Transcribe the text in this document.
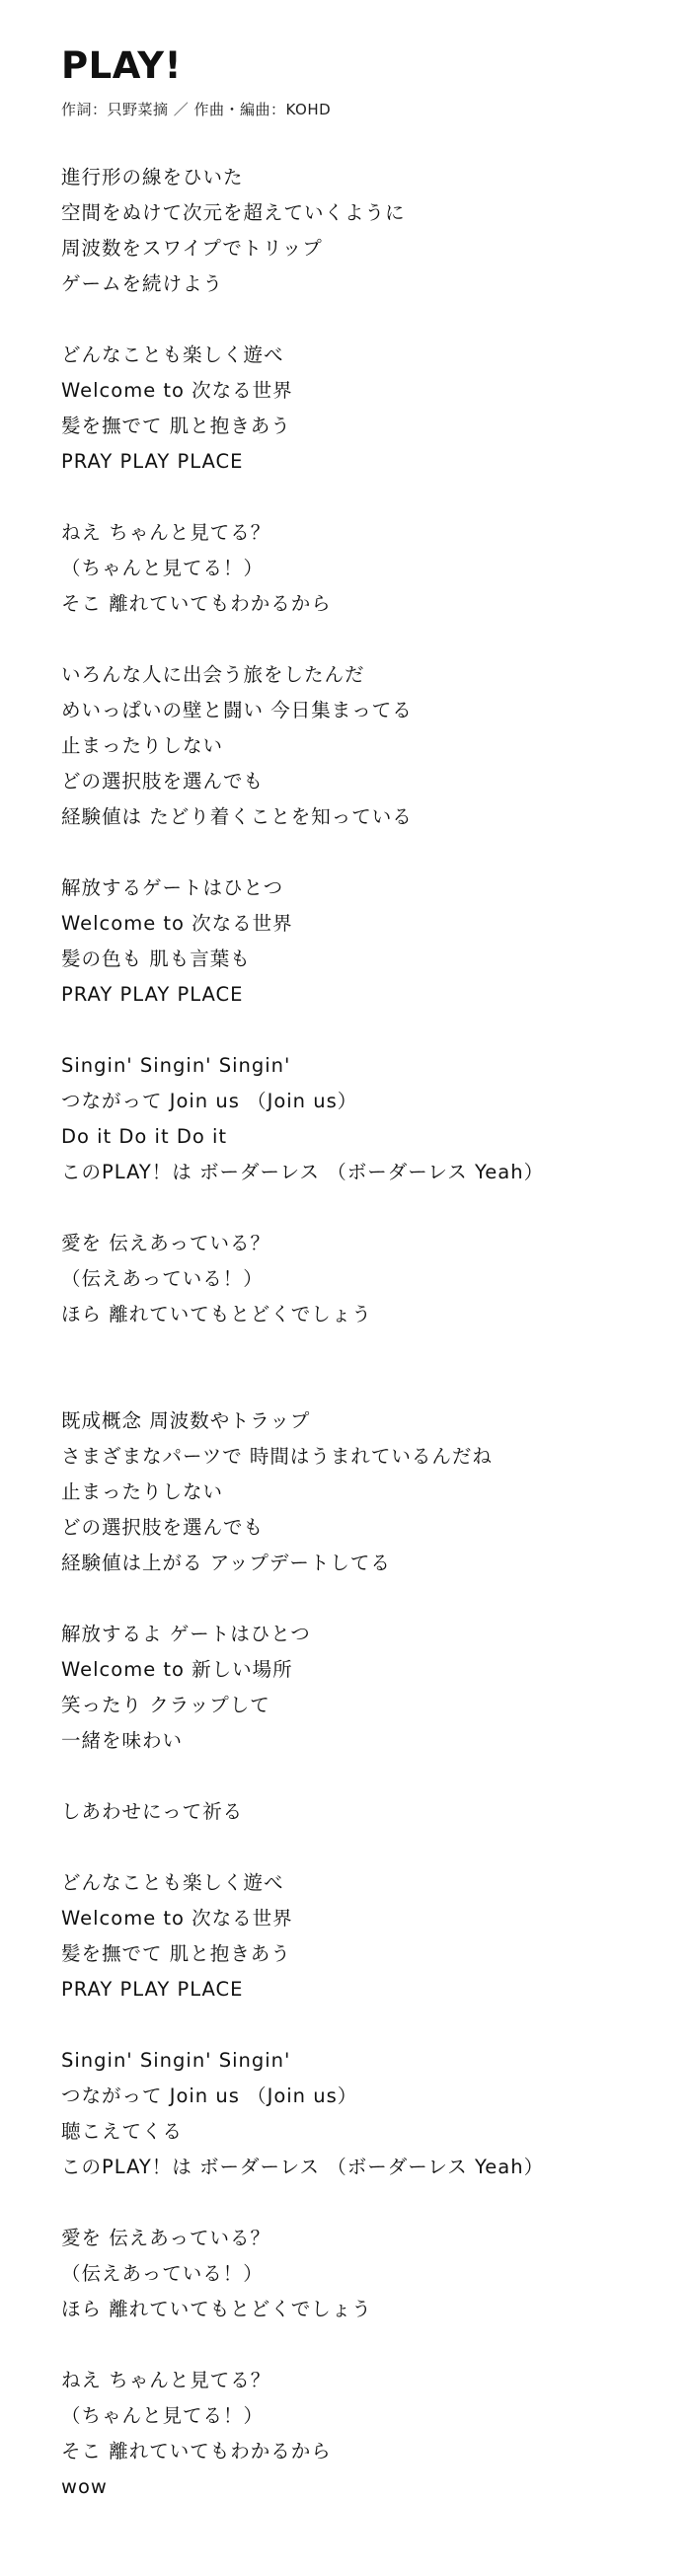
PLAY!
作詞：只野菜摘 ／ 作曲・編曲：KOHD
進行形の線をひいた
空間をぬけて次元を超えていくように
周波数をスワイプでトリップ
ゲームを続けよう
どんなことも楽しく遊べ
Welcome to 次なる世界
髪を撫でて 肌と抱きあう
PRAY PLAY PLACE
ねえ ちゃんと見てる？
（ちゃんと見てる！）
そこ 離れていてもわかるから
いろんな人に出会う旅をしたんだ
めいっぱいの壁と闘い 今日集まってる
止まったりしない
どの選択肢を選んでも
経験値は たどり着くことを知っている
解放するゲートはひとつ
Welcome to 次なる世界
髪の色も 肌も言葉も
PRAY PLAY PLACE
Singin' Singin' Singin'
つながって Join us （Join us）
Do it Do it Do it
このPLAY！は ボーダーレス （ボーダーレス Yeah）
愛を 伝えあっている？
（伝えあっている！）
ほら 離れていてもとどくでしょう
既成概念 周波数やトラップ
さまざまなパーツで 時間はうまれているんだね
止まったりしない
どの選択肢を選んでも
経験値は上がる アップデートしてる
解放するよ ゲートはひとつ
Welcome to 新しい場所
笑ったり クラップして
一緒を味わい
しあわせにって祈る
どんなことも楽しく遊べ
Welcome to 次なる世界
髪を撫でて 肌と抱きあう
PRAY PLAY PLACE
Singin' Singin' Singin'
つながって Join us （Join us）
聴こえてくる
このPLAY！は ボーダーレス （ボーダーレス Yeah）
愛を 伝えあっている？
（伝えあっている！）
ほら 離れていてもとどくでしょう
ねえ ちゃんと見てる？
（ちゃんと見てる！）
そこ 離れていてもわかるから
wow
